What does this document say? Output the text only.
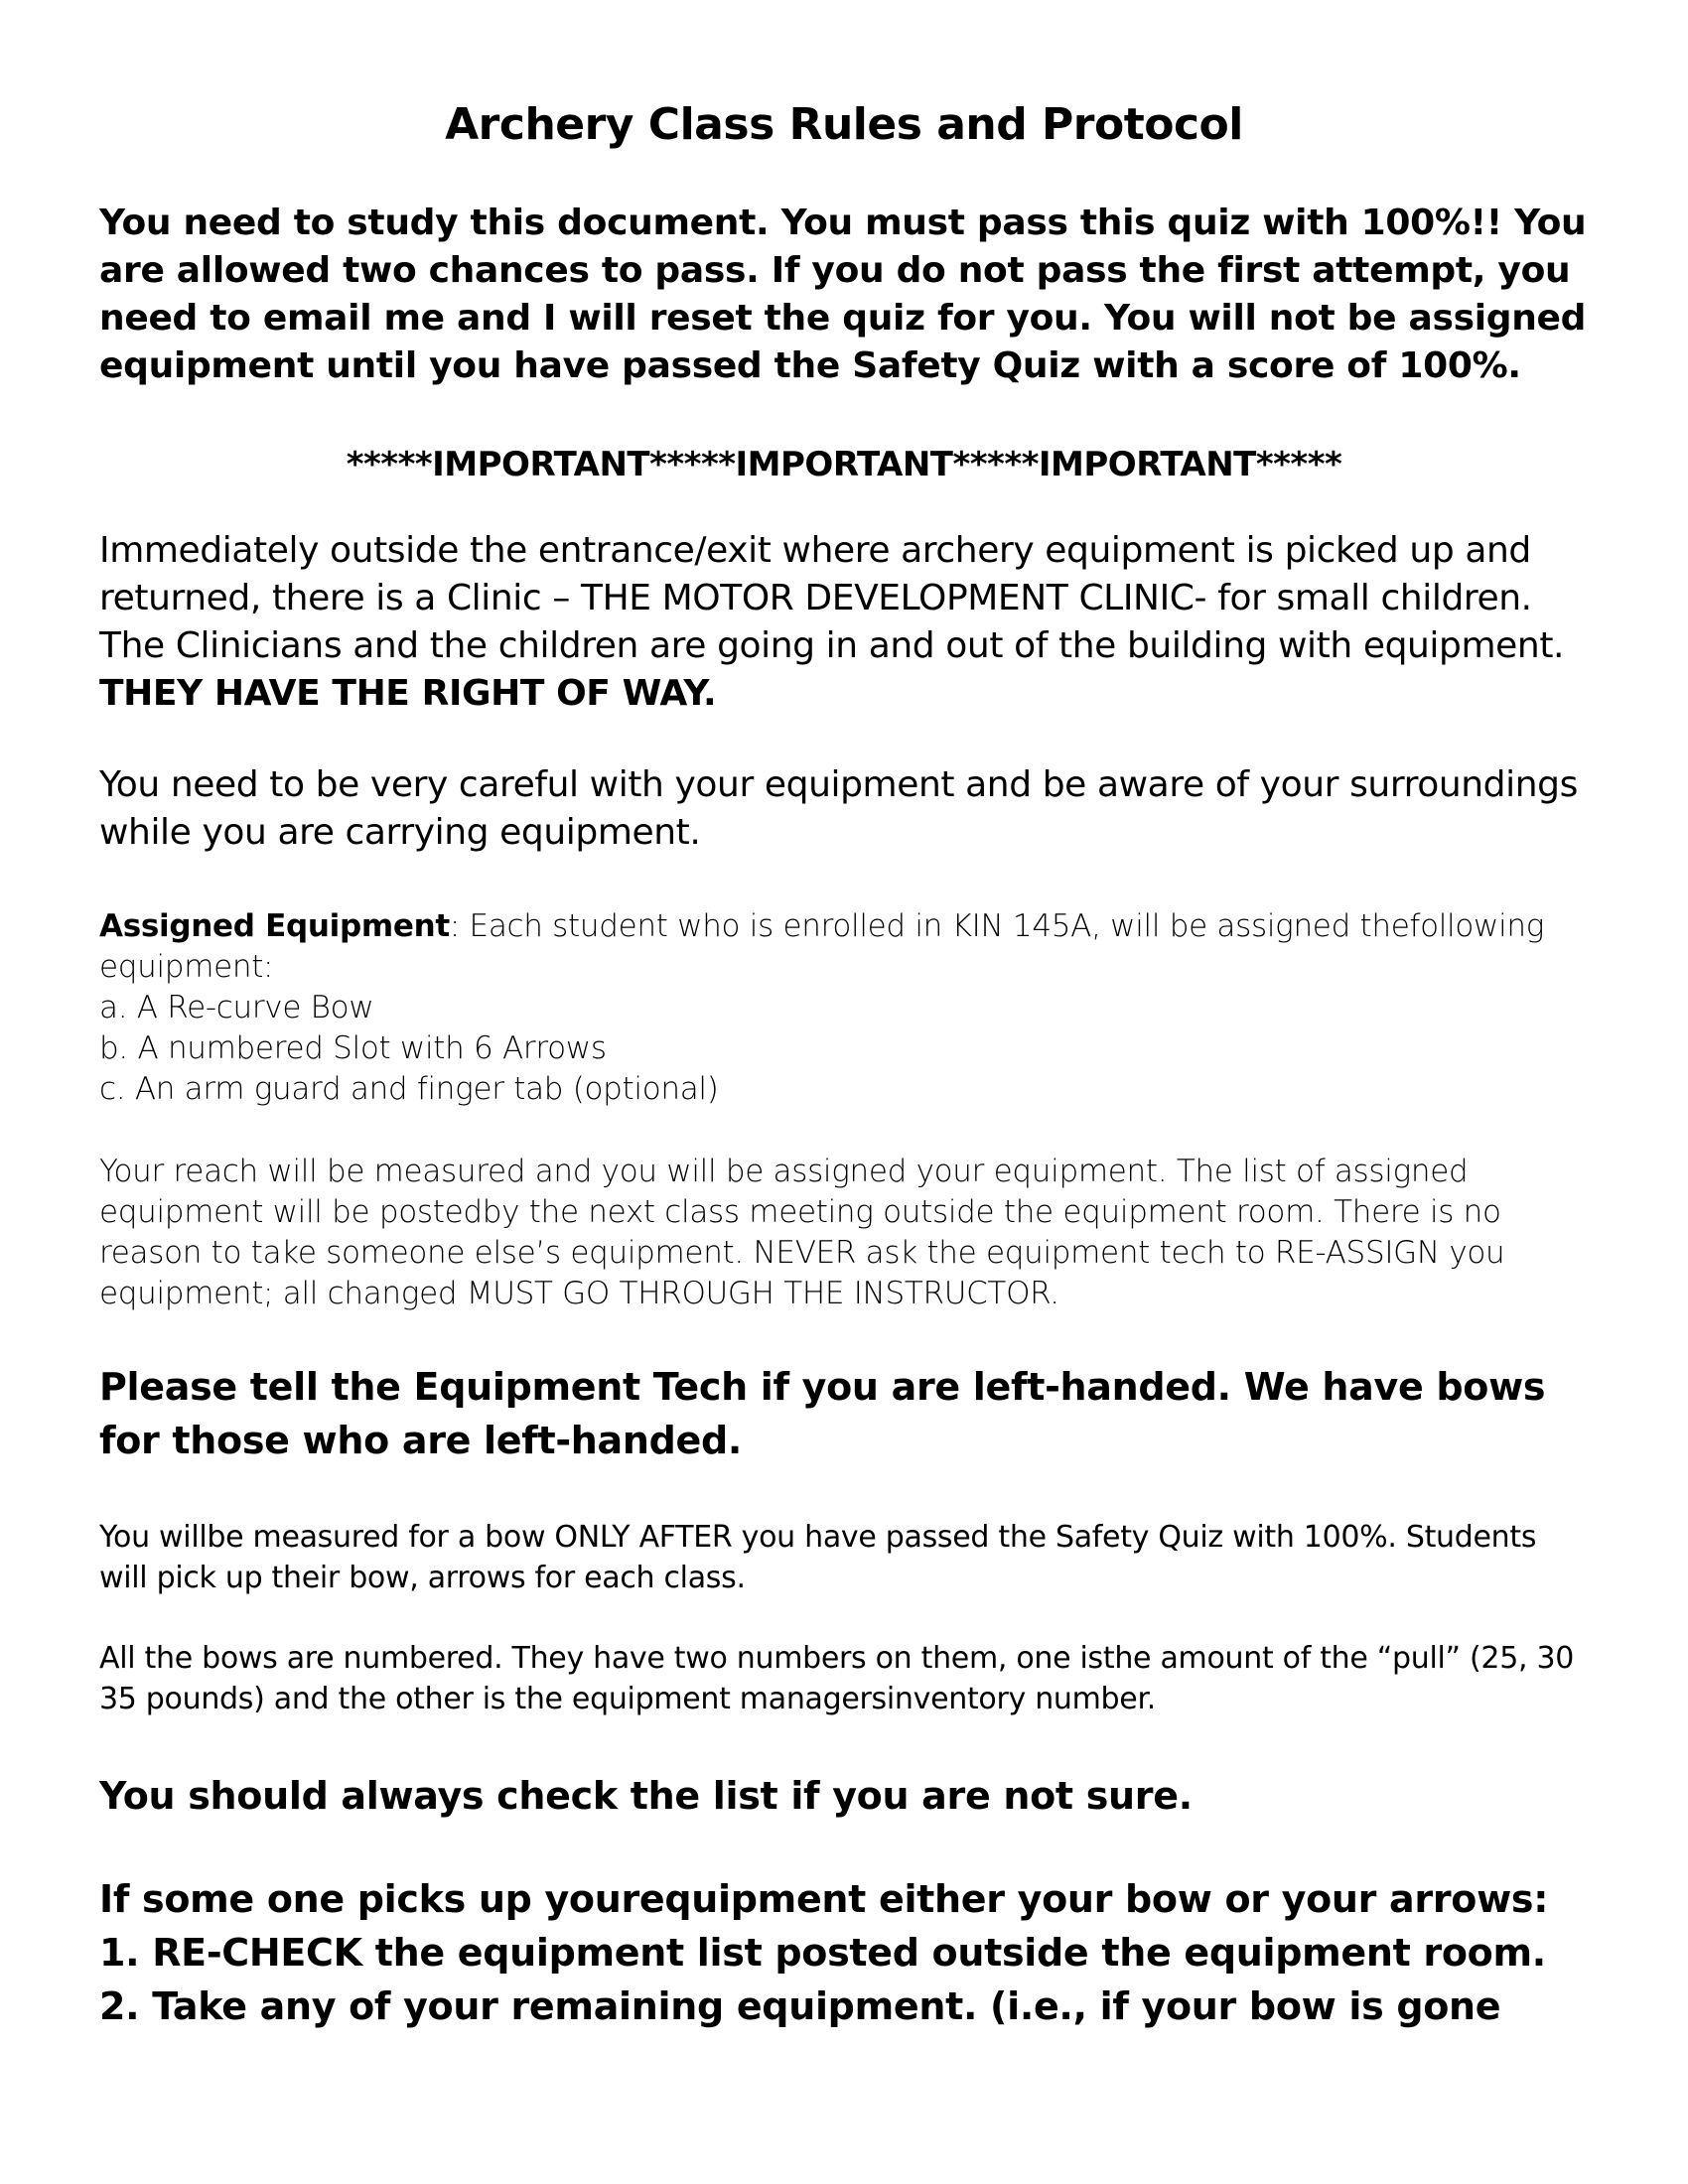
Archery Class Rules and Protocol

You need to study this document. You must pass this quiz with 100%!! You are allowed two chances to pass. If you do not pass the first attempt, you need to email me and I will reset the quiz for you. You will not be assigned equipment until you have passed the Safety Quiz with a score of 100%.

*****IMPORTANT*****IMPORTANT*****IMPORTANT*****

Immediately outside the entrance/exit where archery equipment is picked up and returned, there is a Clinic – THE MOTOR DEVELOPMENT CLINIC- for small children. The Clinicians and the children are going in and out of the building with equipment. THEY HAVE THE RIGHT OF WAY.

You need to be very careful with your equipment and be aware of your surroundings while you are carrying equipment.

Assigned Equipment: Each student who is enrolled in KIN 145A, will be assigned thefollowing equipment:
a. A Re-curve Bow
b. A numbered Slot with 6 Arrows
c. An arm guard and finger tab (optional)

Your reach will be measured and you will be assigned your equipment. The list of assigned equipment will be postedby the next class meeting outside the equipment room. There is no reason to take someone else’s equipment. NEVER ask the equipment tech to RE-ASSIGN you equipment; all changed MUST GO THROUGH THE INSTRUCTOR.

Please tell the Equipment Tech if you are left-handed. We have bows for those who are left-handed.

You willbe measured for a bow ONLY AFTER you have passed the Safety Quiz with 100%. Students will pick up their bow, arrows for each class.

All the bows are numbered. They have two numbers on them, one isthe amount of the “pull” (25, 30 35 pounds) and the other is the equipment managersinventory number.

You should always check the list if you are not sure.

If some one picks up yourequipment either your bow or your arrows:
1. RE-CHECK the equipment list posted outside the equipment room.
2. Take any of your remaining equipment. (i.e., if your bow is gone
